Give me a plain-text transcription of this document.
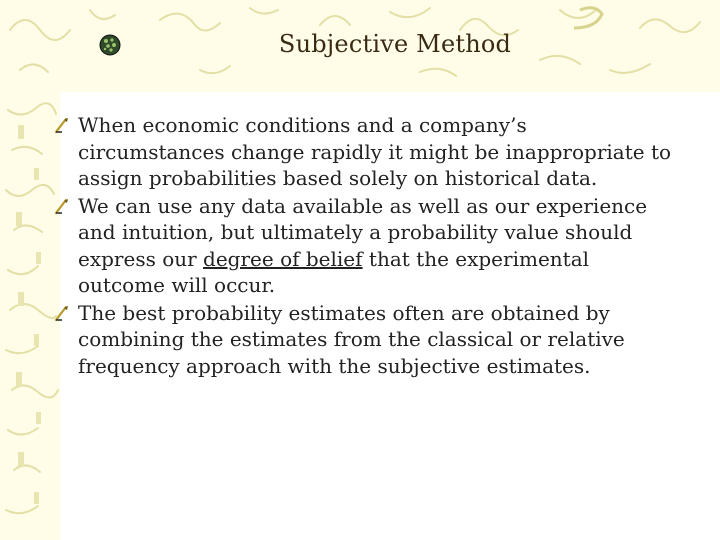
Subjective Method
When economic conditions and a company’s circumstances change rapidly it might be inappropriate to assign probabilities based solely on historical data.
We can use any data available as well as our experience and intuition, but ultimately a probability value should express our degree of belief that the experimental outcome will occur.
The best probability estimates often are obtained by combining the estimates from the classical or relative frequency approach with the subjective estimates.
